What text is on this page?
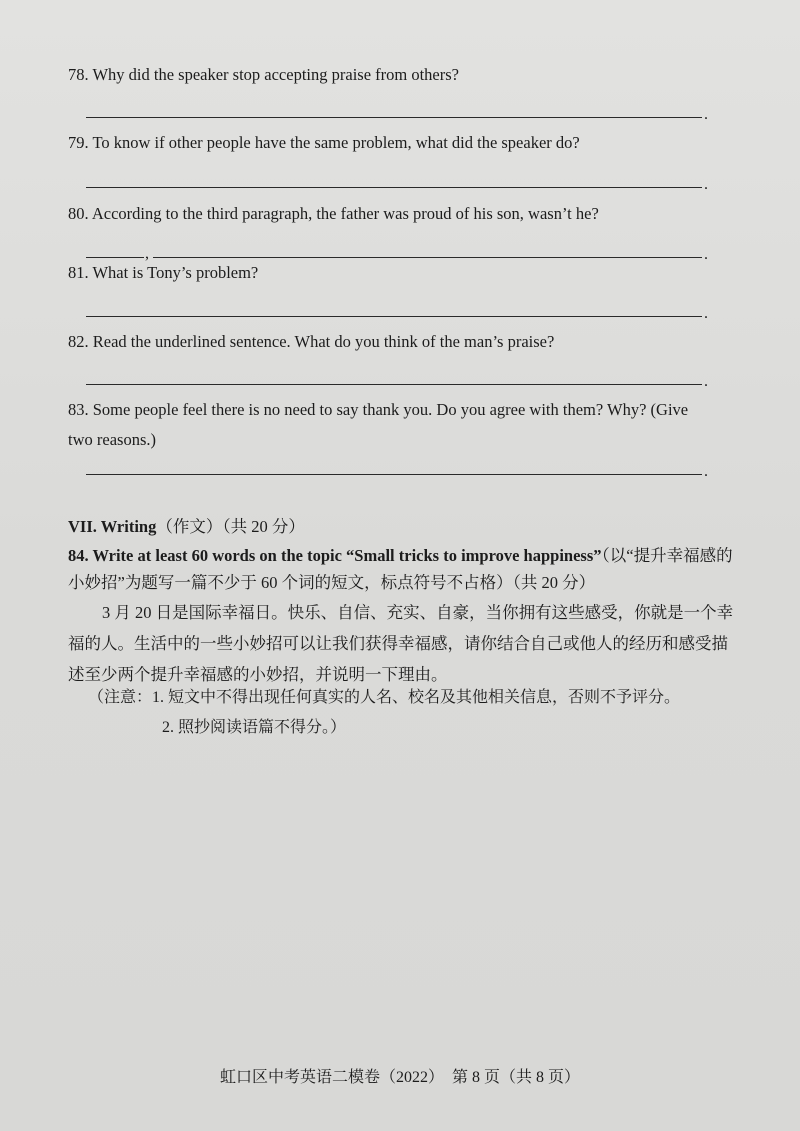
78. Why did the speaker stop accepting praise from others?
.
79. To know if other people have the same problem, what did the speaker do?
.
80. According to the third paragraph, the father was proud of his son, wasn’t he?
,	.
81. What is Tony’s problem?
.
82. Read the underlined sentence. What do you think of the man’s praise?
.
83. Some people feel there is no need to say thank you. Do you agree with them? Why? (Give two reasons.)
.
VII. Writing（作文）（共 20 分）
84. Write at least 60 words on the topic “Small tricks to improve happiness”（以“提升幸福感的小妙招”为题写一篇不少于 60 个词的短文，标点符号不占格）（共 20 分）
3 月 20 日是国际幸福日。快乐、自信、充实、自豪，当你拥有这些感受，你就是一个幸福的人。生活中的一些小妙招可以让我们获得幸福感，请你结合自己或他人的经历和感受描述至少两个提升幸福感的小妙招，并说明一下理由。
（注意：1. 短文中不得出现任何真实的人名、校名及其他相关信息，否则不予评分。
2. 照抄阅读语篇不得分。）
虹口区中考英语二模卷（2022）　第 8 页（共 8 页）
